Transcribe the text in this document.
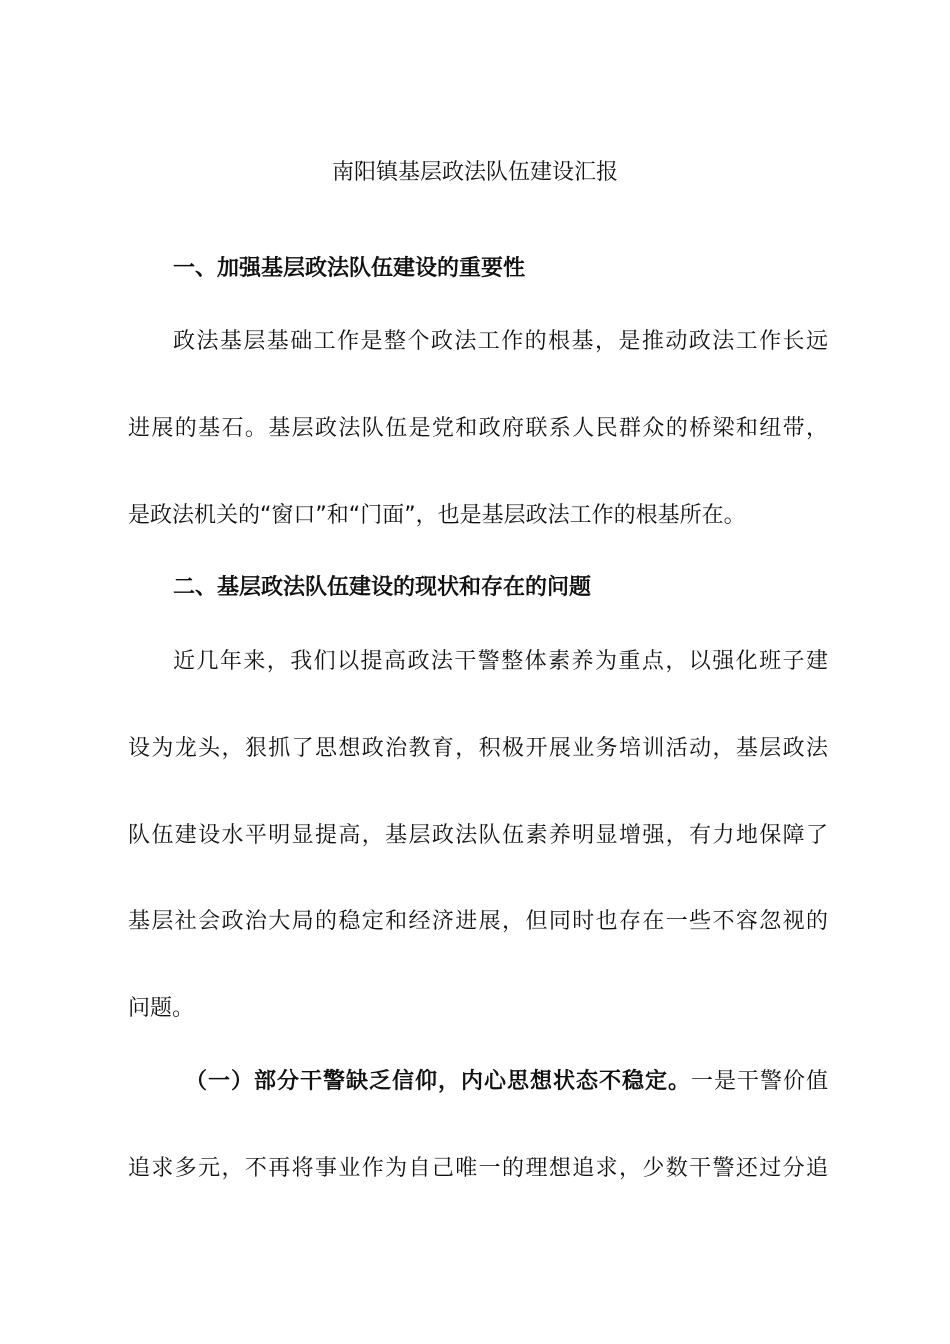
南阳镇基层政法队伍建设汇报

一、加强基层政法队伍建设的重要性

政法基层基础工作是整个政法工作的根基，是推动政法工作长远

进展的基石。基层政法队伍是党和政府联系人民群众的桥梁和纽带，

是政法机关的“窗口”和“门面”，也是基层政法工作的根基所在。

二、基层政法队伍建设的现状和存在的问题

近几年来，我们以提高政法干警整体素养为重点，以强化班子建

设为龙头，狠抓了思想政治教育，积极开展业务培训活动，基层政法

队伍建设水平明显提高，基层政法队伍素养明显增强，有力地保障了

基层社会政治大局的稳定和经济进展，但同时也存在一些不容忽视的

问题。

（一）部分干警缺乏信仰，内心思想状态不稳定。一是干警价值

追求多元，不再将事业作为自己唯一的理想追求，少数干警还过分追
